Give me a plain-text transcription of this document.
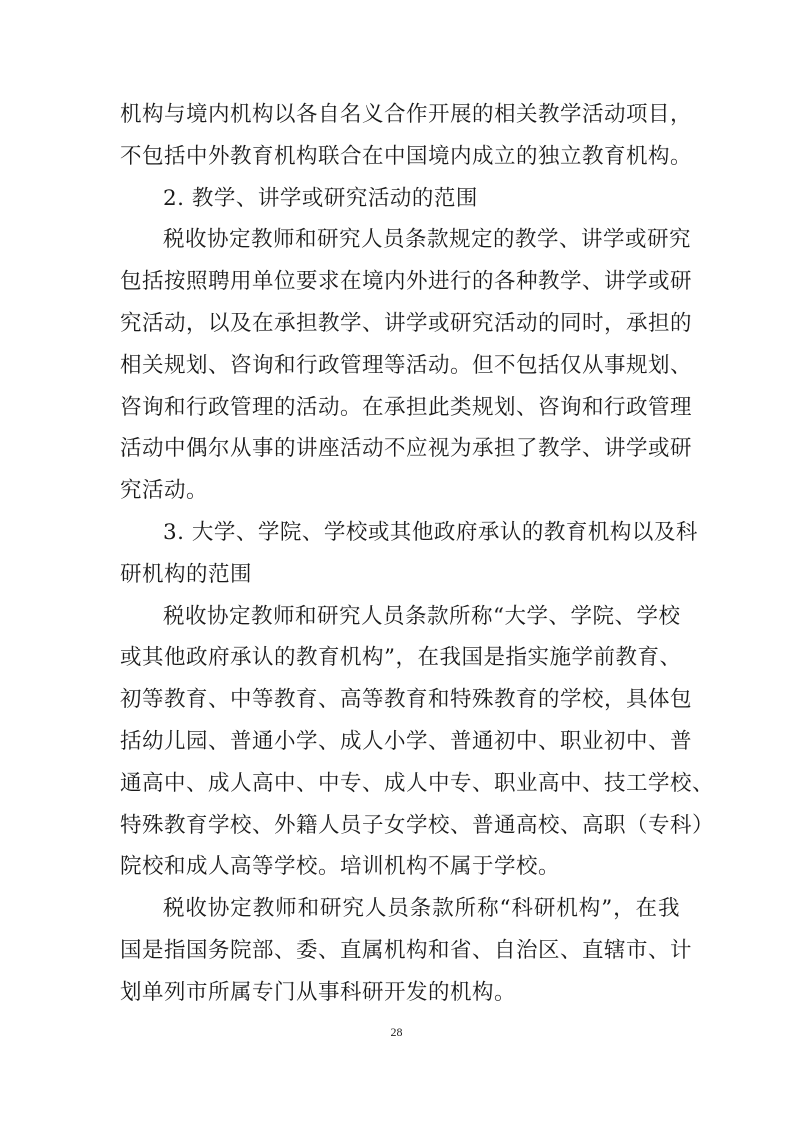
机构与境内机构以各自名义合作开展的相关教学活动项目，
不包括中外教育机构联合在中国境内成立的独立教育机构。
2. 教学、讲学或研究活动的范围
税收协定教师和研究人员条款规定的教学、讲学或研究
包括按照聘用单位要求在境内外进行的各种教学、讲学或研
究活动，以及在承担教学、讲学或研究活动的同时，承担的
相关规划、咨询和行政管理等活动。但不包括仅从事规划、
咨询和行政管理的活动。在承担此类规划、咨询和行政管理
活动中偶尔从事的讲座活动不应视为承担了教学、讲学或研
究活动。
3. 大学、学院、学校或其他政府承认的教育机构以及科
研机构的范围
税收协定教师和研究人员条款所称“大学、学院、学校
或其他政府承认的教育机构”，在我国是指实施学前教育、
初等教育、中等教育、高等教育和特殊教育的学校，具体包
括幼儿园、普通小学、成人小学、普通初中、职业初中、普
通高中、成人高中、中专、成人中专、职业高中、技工学校、
特殊教育学校、外籍人员子女学校、普通高校、高职（专科）
院校和成人高等学校。培训机构不属于学校。
税收协定教师和研究人员条款所称“科研机构”，在我
国是指国务院部、委、直属机构和省、自治区、直辖市、计
划单列市所属专门从事科研开发的机构。
28
